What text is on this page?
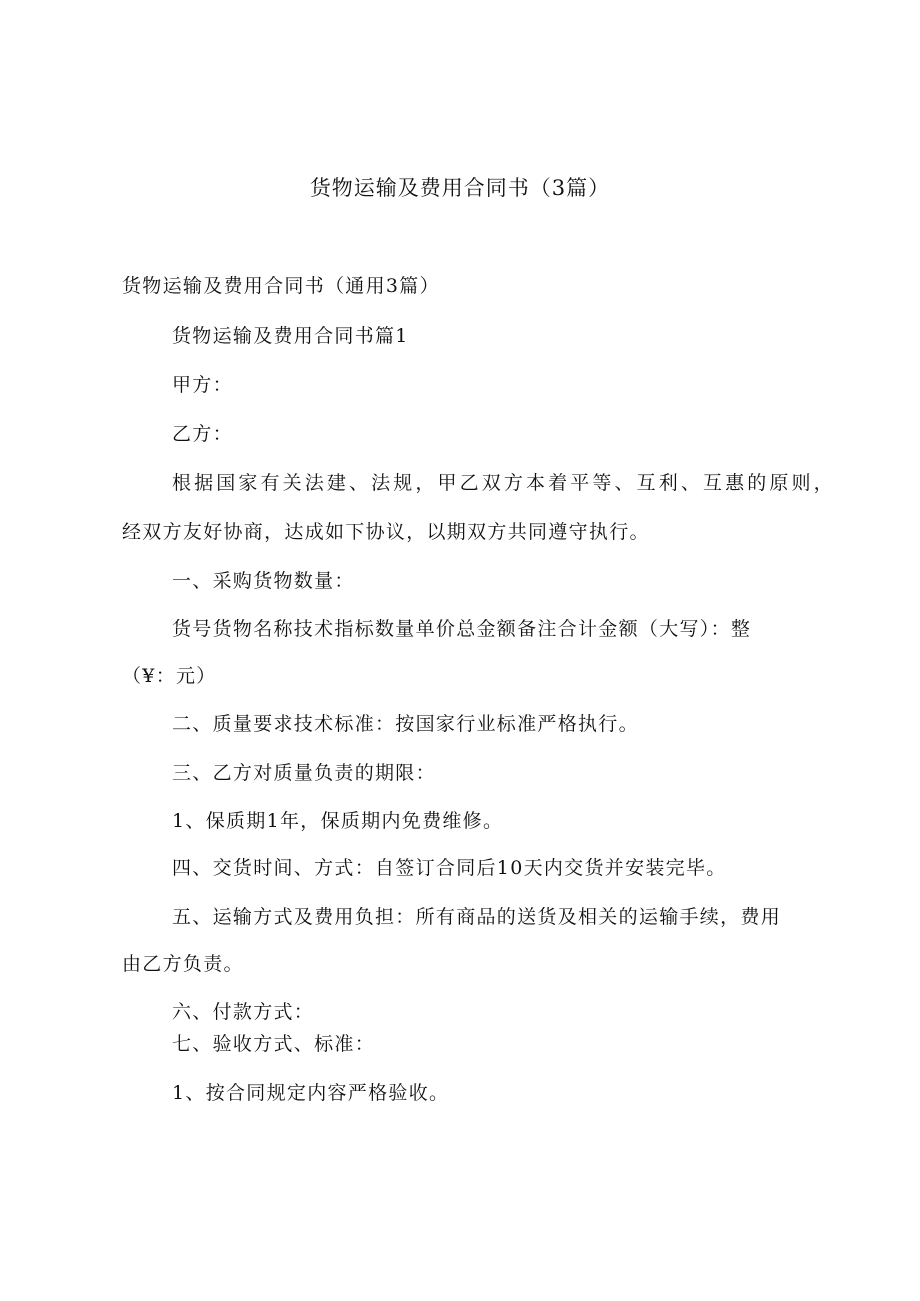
货物运输及费用合同书（3篇）
货物运输及费用合同书（通用3篇）
货物运输及费用合同书篇1
甲方：
乙方：
根据国家有关法建、法规，甲乙双方本着平等、互利、互惠的原则，
经双方友好协商，达成如下协议，以期双方共同遵守执行。
一、采购货物数量：
货号货物名称技术指标数量单价总金额备注合计金额（大写）：整
（¥：元）
二、质量要求技术标准：按国家行业标准严格执行。
三、乙方对质量负责的期限：
1、保质期1年，保质期内免费维修。
四、交货时间、方式：自签订合同后10天内交货并安装完毕。
五、运输方式及费用负担：所有商品的送货及相关的运输手续，费用
由乙方负责。
六、付款方式：
七、验收方式、标准：
1、按合同规定内容严格验收。
